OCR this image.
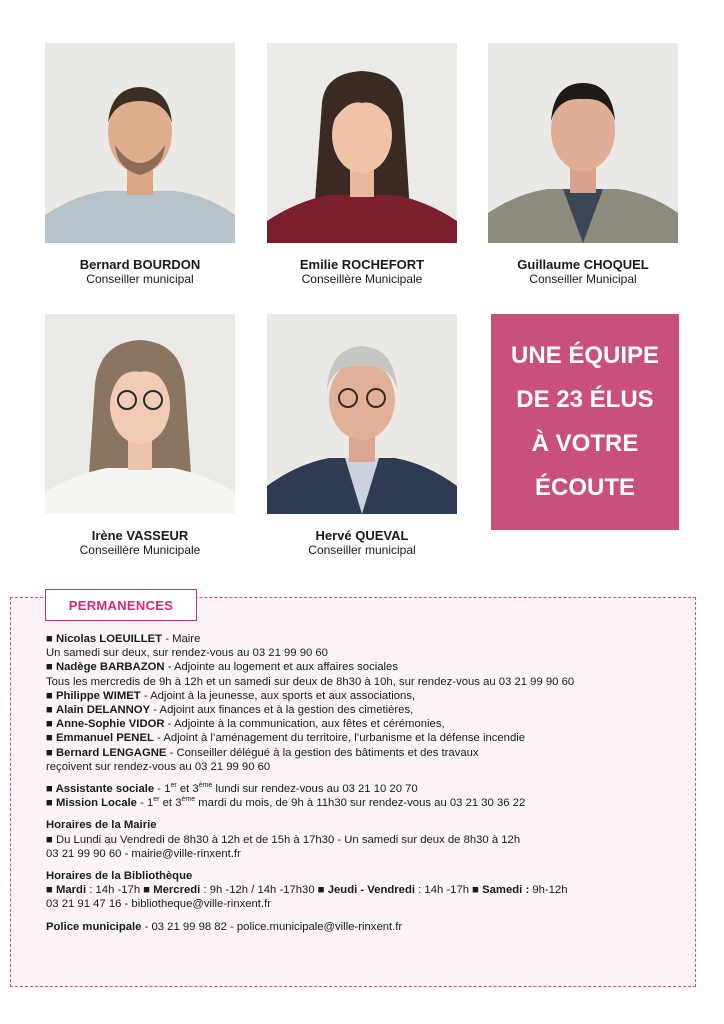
Bernard BOURDON
Conseiller municipal
Emilie ROCHEFORT
Conseillère Municipale
Guillaume CHOQUEL
Conseiller Municipal
Irène VASSEUR
Conseillère Municipale
Hervé QUEVAL
Conseiller municipal
UNE ÉQUIPE
DE 23 ÉLUS
À VOTRE
ÉCOUTE
PERMANENCES

■ Nicolas LOEUILLET - Maire

Un samedi sur deux, sur rendez-vous au 03 21 99 90 60

■ Nadège BARBAZON - Adjointe au logement et aux affaires sociales

Tous les mercredis de 9h à 12h et un samedi sur deux de 8h30 à 10h, sur rendez-vous au 03 21 99 90 60

■ Philippe WIMET - Adjoint à la jeunesse, aux sports et aux associations,

■ Alain DELANNOY - Adjoint aux finances et à la gestion des cimetières,

■ Anne-Sophie VIDOR - Adjointe à la communication, aux fêtes et cérémonies,

■ Emmanuel PENEL - Adjoint à l’aménagement du territoire, l’urbanisme et la défense incendie

■ Bernard LENGAGNE - Conseiller délégué à la gestion des bâtiments et des travaux

reçoivent sur rendez-vous au 03 21 99 90 60

■ Assistante sociale - 1er et 3ème lundi sur rendez-vous au 03 21 10 20 70

■ Mission Locale - 1er et 3ème mardi du mois, de 9h à 11h30 sur rendez-vous au 03 21 30 36 22

Horaires de la Mairie

■ Du Lundi au Vendredi de 8h30 à 12h et de 15h à 17h30 - Un samedi sur deux de 8h30 à 12h

03 21 99 90 60 - mairie@ville-rinxent.fr

Horaires de la Bibliothèque

■ Mardi : 14h -17h ■ Mercredi : 9h -12h / 14h -17h30 ■ Jeudi - Vendredi : 14h -17h ■ Samedi : 9h-12h

03 21 91 47 16 - bibliotheque@ville-rinxent.fr

Police municipale - 03 21 99 98 82 - police.municipale@ville-rinxent.fr
